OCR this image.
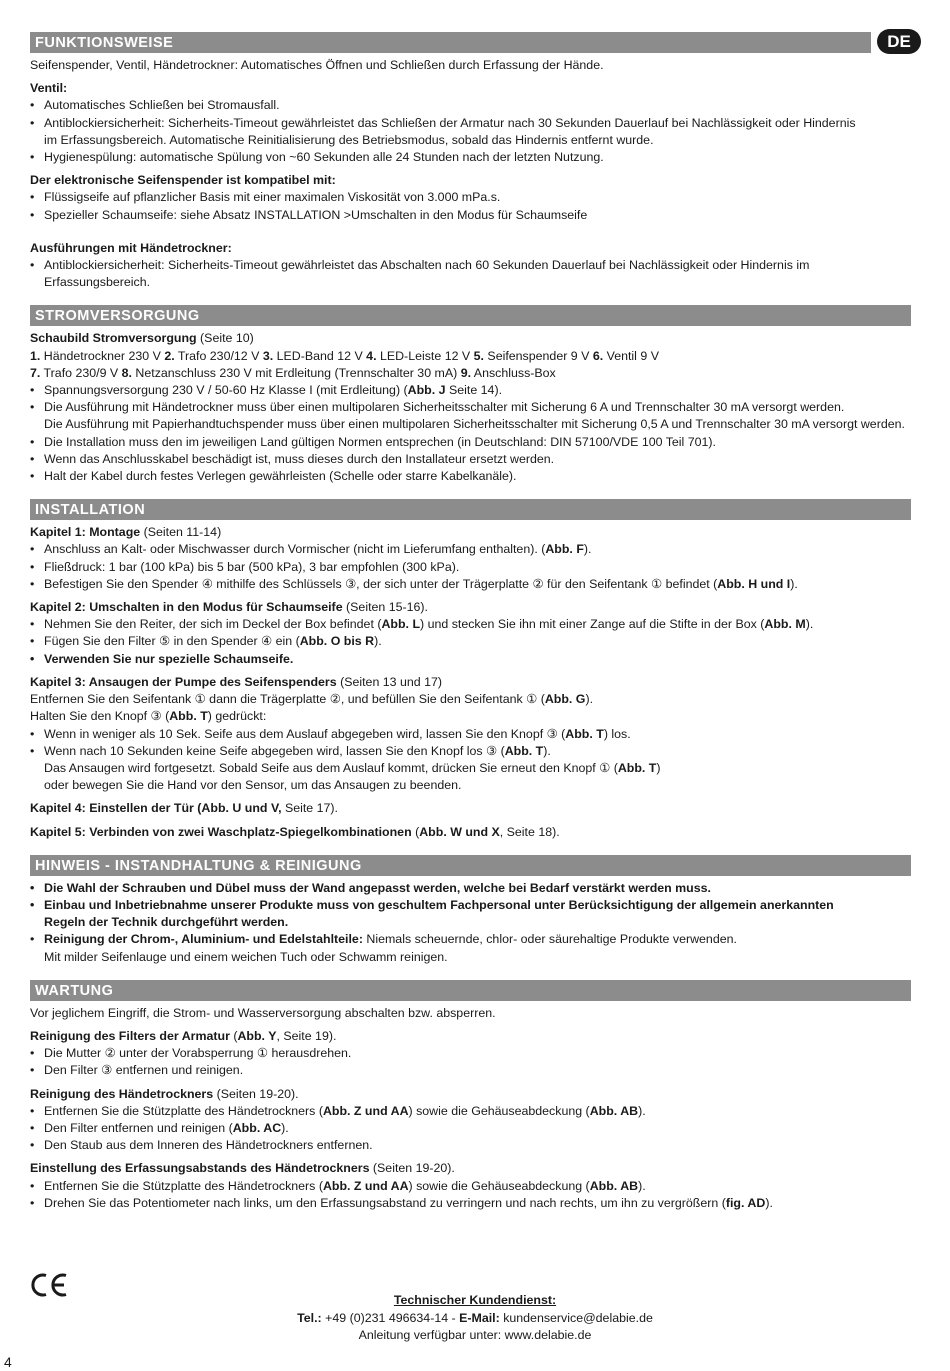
DE
FUNKTIONSWEISE

Seifenspender, Ventil, Händetrockner: Automatisches Öffnen und Schließen durch Erfassung der Hände.

Ventil:

• Automatisches Schließen bei Stromausfall.
• Antiblockiersicherheit: Sicherheits-Timeout gewährleistet das Schließen der Armatur nach 30 Sekunden Dauerlauf bei Nachlässigkeit oder Hindernis
im Erfassungsbereich. Automatische Reinitialisierung des Betriebsmodus, sobald das Hindernis entfernt wurde.
• Hygienespülung: automatische Spülung von ~60 Sekunden alle 24 Stunden nach der letzten Nutzung.

Der elektronische Seifenspender ist kompatibel mit:

• Flüssigseife auf pflanzlicher Basis mit einer maximalen Viskosität von 3.000 mPa.s.
• Spezieller Schaumseife: siehe Absatz INSTALLATION >Umschalten in den Modus für Schaumseife

Ausführungen mit Händetrockner:

• Antiblockiersicherheit: Sicherheits-Timeout gewährleistet das Abschalten nach 60 Sekunden Dauerlauf bei Nachlässigkeit oder Hindernis im
Erfassungsbereich.
STROMVERSORGUNG

Schaubild Stromversorgung (Seite 10)

1. Händetrockner 230 V 2. Trafo 230/12 V 3. LED-Band 12 V 4. LED-Leiste 12 V 5. Seifenspender 9 V 6. Ventil 9 V

7. Trafo 230/9 V 8. Netzanschluss 230 V mit Erdleitung (Trennschalter 30 mA) 9. Anschluss-Box

• Spannungsversorgung 230 V / 50-60 Hz Klasse I (mit Erdleitung) (Abb. J Seite 14).
• Die Ausführung mit Händetrockner muss über einen multipolaren Sicherheitsschalter mit Sicherung 6 A und Trennschalter 30 mA versorgt werden.
Die Ausführung mit Papierhandtuchspender muss über einen multipolaren Sicherheitsschalter mit Sicherung 0,5 A und Trennschalter 30 mA versorgt werden.
• Die Installation muss den im jeweiligen Land gültigen Normen entsprechen (in Deutschland: DIN 57100/VDE 100 Teil 701).
• Wenn das Anschlusskabel beschädigt ist, muss dieses durch den Installateur ersetzt werden.
• Halt der Kabel durch festes Verlegen gewährleisten (Schelle oder starre Kabelkanäle).
INSTALLATION

Kapitel 1: Montage (Seiten 11-14)

• Anschluss an Kalt- oder Mischwasser durch Vormischer (nicht im Lieferumfang enthalten). (Abb. F).
• Fließdruck: 1 bar (100 kPa) bis 5 bar (500 kPa), 3 bar empfohlen (300 kPa).
• Befestigen Sie den Spender ④ mithilfe des Schlüssels ③, der sich unter der Trägerplatte ② für den Seifentank ① befindet (Abb. H und I).

Kapitel 2: Umschalten in den Modus für Schaumseife (Seiten 15-16).

• Nehmen Sie den Reiter, der sich im Deckel der Box befindet (Abb. L) und stecken Sie ihn mit einer Zange auf die Stifte in der Box (Abb. M).
• Fügen Sie den Filter ⑤ in den Spender ④ ein (Abb. O bis R).
• Verwenden Sie nur spezielle Schaumseife.

Kapitel 3: Ansaugen der Pumpe des Seifenspenders (Seiten 13 und 17)

Entfernen Sie den Seifentank ① dann die Trägerplatte ②, und befüllen Sie den Seifentank ① (Abb. G).

Halten Sie den Knopf ③ (Abb. T) gedrückt:

• Wenn in weniger als 10 Sek. Seife aus dem Auslauf abgegeben wird, lassen Sie den Knopf ③ (Abb. T) los.
• Wenn nach 10 Sekunden keine Seife abgegeben wird, lassen Sie den Knopf los ③ (Abb. T).
Das Ansaugen wird fortgesetzt. Sobald Seife aus dem Auslauf kommt, drücken Sie erneut den Knopf ① (Abb. T)
oder bewegen Sie die Hand vor den Sensor, um das Ansaugen zu beenden.

Kapitel 4: Einstellen der Tür (Abb. U und V, Seite 17).

Kapitel 5: Verbinden von zwei Waschplatz-Spiegelkombinationen (Abb. W und X, Seite 18).

HINWEIS - INSTANDHALTUNG & REINIGUNG
• Die Wahl der Schrauben und Dübel muss der Wand angepasst werden, welche bei Bedarf verstärkt werden muss.
• Einbau und Inbetriebnahme unserer Produkte muss von geschultem Fachpersonal unter Berücksichtigung der allgemein anerkannten
Regeln der Technik durchgeführt werden.
• Reinigung der Chrom-, Aluminium- und Edelstahlteile: Niemals scheuernde, chlor- oder säurehaltige Produkte verwenden.
Mit milder Seifenlauge und einem weichen Tuch oder Schwamm reinigen.
WARTUNG

Vor jeglichem Eingriff, die Strom- und Wasserversorgung abschalten bzw. absperren.

Reinigung des Filters der Armatur (Abb. Y, Seite 19).

• Die Mutter ② unter der Vorabsperrung ① herausdrehen.
• Den Filter ③ entfernen und reinigen.

Reinigung des Händetrockners (Seiten 19-20).

• Entfernen Sie die Stützplatte des Händetrockners (Abb. Z und AA) sowie die Gehäuseabdeckung (Abb. AB).
• Den Filter entfernen und reinigen (Abb. AC).
• Den Staub aus dem Inneren des Händetrockners entfernen.

Einstellung des Erfassungsabstands des Händetrockners (Seiten 19-20).

• Entfernen Sie die Stützplatte des Händetrockners (Abb. Z und AA) sowie die Gehäuseabdeckung (Abb. AB).
• Drehen Sie das Potentiometer nach links, um den Erfassungsabstand zu verringern und nach rechts, um ihn zu vergrößern (fig. AD).
Technischer Kundendienst:
Tel.: +49 (0)231 496634-14 - E-Mail: kundenservice@delabie.de
Anleitung verfügbar unter: www.delabie.de
4
